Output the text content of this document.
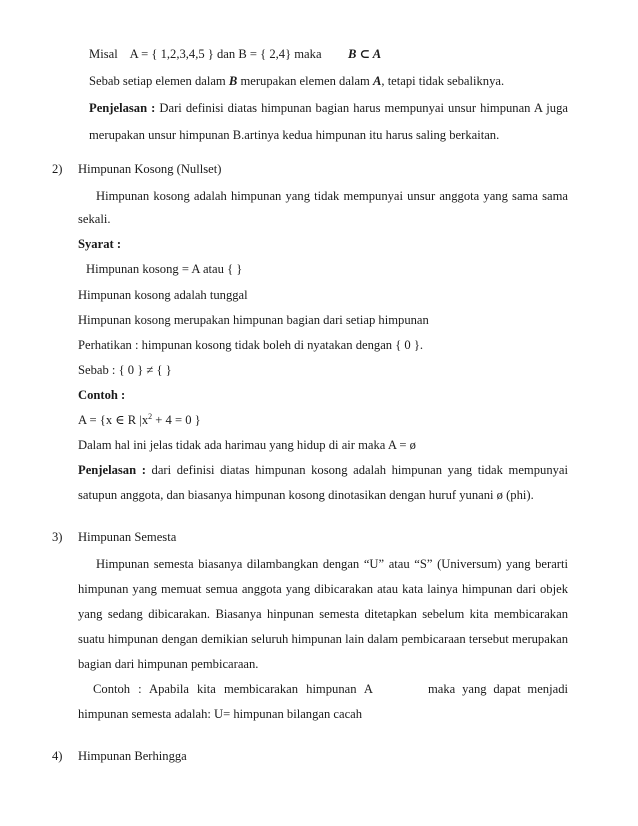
Misal A = { 1,2,3,4,5 } dan B = { 2,4} maka B ⊂ A
Sebab setiap elemen dalam B merupakan elemen dalam A, tetapi tidak sebaliknya.
Penjelasan : Dari definisi diatas himpunan bagian harus mempunyai unsur himpunan A juga
merupakan unsur himpunan B.artinya kedua himpunan itu harus saling berkaitan.
2) Himpunan Kosong (Nullset)
Himpunan kosong adalah himpunan yang tidak mempunyai unsur anggota yang sama sama
sekali.
Syarat :
Himpunan kosong = A atau { }
Himpunan kosong adalah tunggal
Himpunan kosong merupakan himpunan bagian dari setiap himpunan
Perhatikan : himpunan kosong tidak boleh di nyatakan dengan { 0 }.
Sebab : { 0 } ≠ { }
Contoh :
A = {x ∈ R $|x^2 + 4 = 0$ }
Dalam hal ini jelas tidak ada harimau yang hidup di air maka A = ø
Penjelasan : dari definisi diatas himpunan kosong adalah himpunan yang tidak mempunyai
satupun anggota, dan biasanya himpunan kosong dinotasikan dengan huruf yunani ø (phi).
3) Himpunan Semesta
Himpunan semesta biasanya dilambangkan dengan “U” atau “S” (Universum) yang berarti
himpunan yang memuat semua anggota yang dibicarakan atau kata lainya himpunan dari objek
yang sedang dibicarakan. Biasanya hinpunan semesta ditetapkan sebelum kita membicarakan
suatu himpunan dengan demikian seluruh himpunan lain dalam pembicaraan tersebut merupakan
bagian dari himpunan pembicaraan.
Contoh : Apabila kita membicarakan himpunan A	maka yang dapat menjadi
himpunan semesta adalah: U= himpunan bilangan cacah
4) Himpunan Berhingga
